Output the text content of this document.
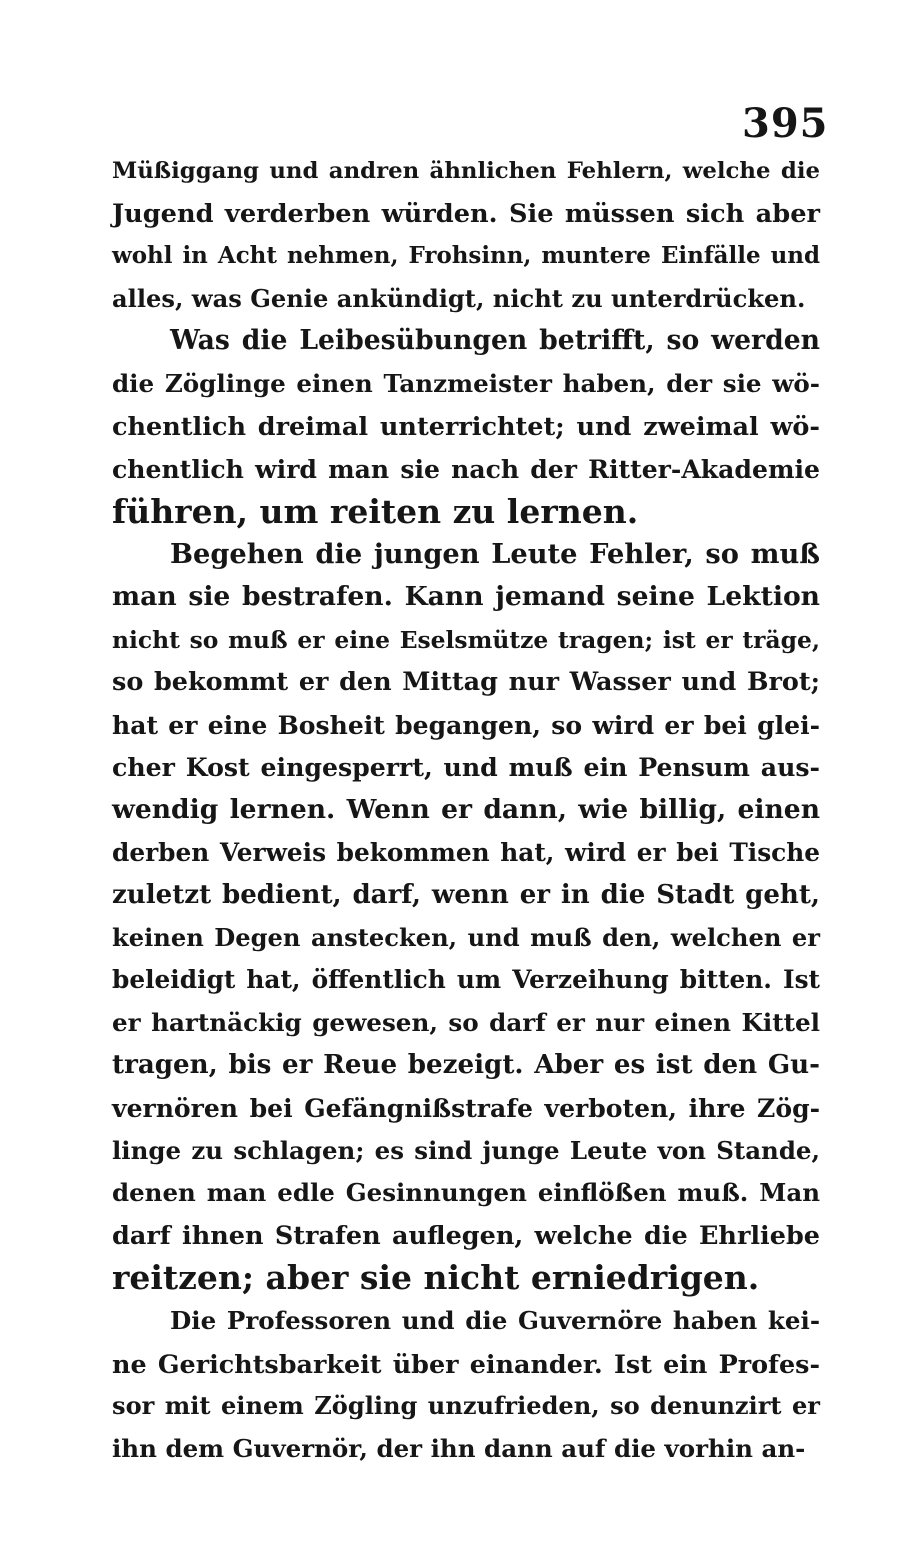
395
Müßiggang und andren ähnlichen Fehlern, welche die
Jugend verderben würden. Sie müssen sich aber
wohl in Acht nehmen, Frohsinn, muntere Einfälle und
alles, was Genie ankündigt, nicht zu unterdrücken.
Was die Leibesübungen betrifft, so werden
die Zöglinge einen Tanzmeister haben, der sie wö-
chentlich dreimal unterrichtet; und zweimal wö-
chentlich wird man sie nach der Ritter-Akademie
führen, um reiten zu lernen.
Begehen die jungen Leute Fehler, so muß
man sie bestrafen. Kann jemand seine Lektion
nicht so muß er eine Eselsmütze tragen; ist er träge,
so bekommt er den Mittag nur Wasser und Brot;
hat er eine Bosheit begangen, so wird er bei glei-
cher Kost eingesperrt, und muß ein Pensum aus-
wendig lernen. Wenn er dann, wie billig, einen
derben Verweis bekommen hat, wird er bei Tische
zuletzt bedient, darf, wenn er in die Stadt geht,
keinen Degen anstecken, und muß den, welchen er
beleidigt hat, öffentlich um Verzeihung bitten. Ist
er hartnäckig gewesen, so darf er nur einen Kittel
tragen, bis er Reue bezeigt. Aber es ist den Gu-
vernören bei Gefängnißstrafe verboten, ihre Zög-
linge zu schlagen; es sind junge Leute von Stande,
denen man edle Gesinnungen einflößen muß. Man
darf ihnen Strafen auflegen, welche die Ehrliebe
reitzen; aber sie nicht erniedrigen.
Die Professoren und die Guvernöre haben kei-
ne Gerichtsbarkeit über einander. Ist ein Profes-
sor mit einem Zögling unzufrieden, so denunzirt er
ihn dem Guvernör, der ihn dann auf die vorhin an-
